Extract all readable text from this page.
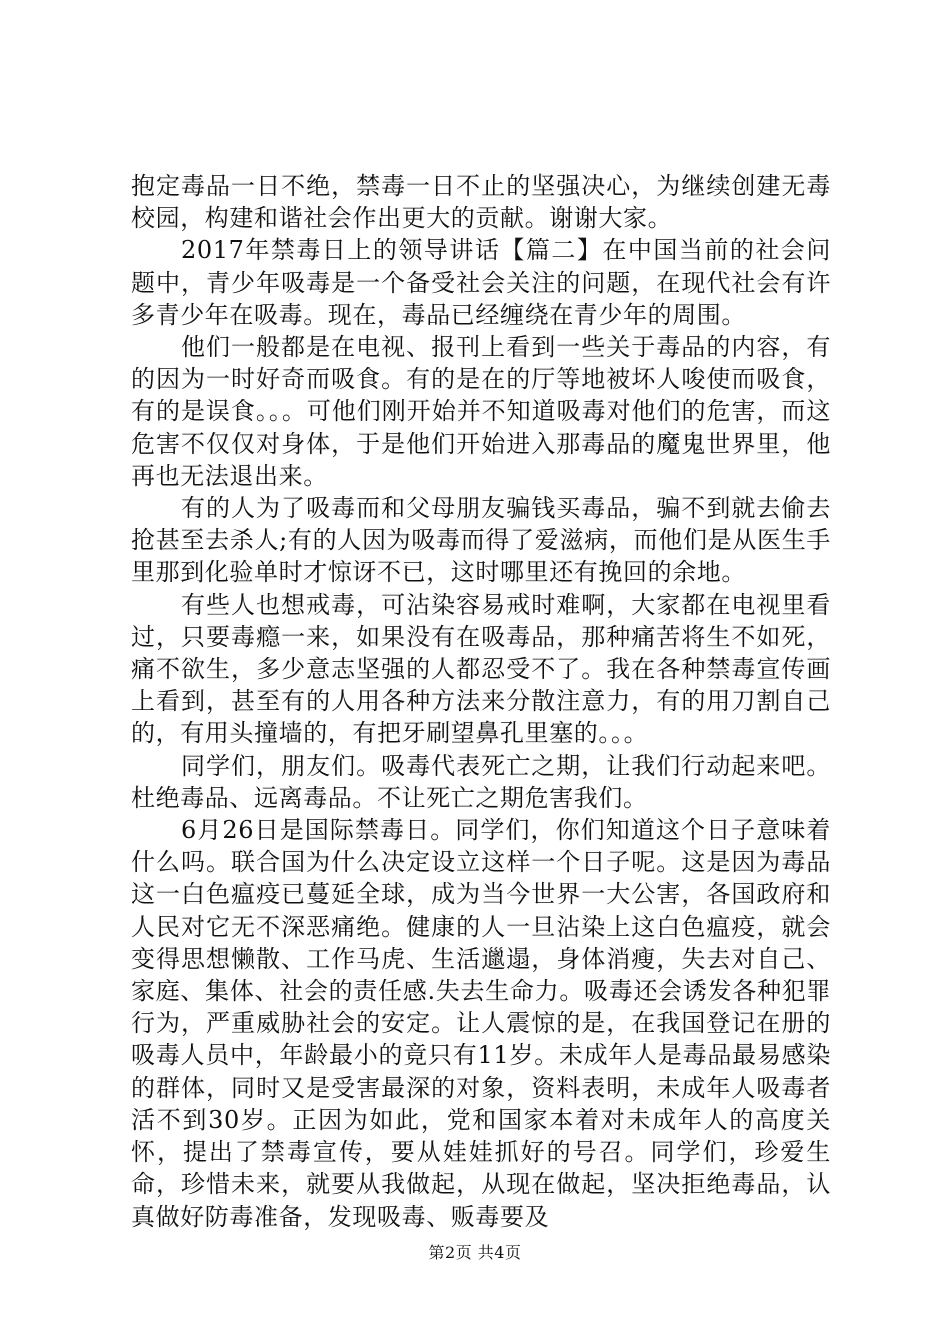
抱定毒品一日不绝，禁毒一日不止的坚强决心，为继续创建无毒校园，构建和谐社会作出更大的贡献。谢谢大家。

2017年禁毒日上的领导讲话【篇二】在中国当前的社会问题中，青少年吸毒是一个备受社会关注的问题，在现代社会有许多青少年在吸毒。现在，毒品已经缠绕在青少年的周围。

他们一般都是在电视、报刊上看到一些关于毒品的内容，有的因为一时好奇而吸食。有的是在的厅等地被坏人唆使而吸食，有的是误食。。。可他们刚开始并不知道吸毒对他们的危害，而这危害不仅仅对身体，于是他们开始进入那毒品的魔鬼世界里，他再也无法退出来。

有的人为了吸毒而和父母朋友骗钱买毒品，骗不到就去偷去抢甚至去杀人;有的人因为吸毒而得了爱滋病，而他们是从医生手里那到化验单时才惊讶不已，这时哪里还有挽回的余地。

有些人也想戒毒，可沾染容易戒时难啊，大家都在电视里看过，只要毒瘾一来，如果没有在吸毒品，那种痛苦将生不如死，痛不欲生，多少意志坚强的人都忍受不了。我在各种禁毒宣传画上看到，甚至有的人用各种方法来分散注意力，有的用刀割自己的，有用头撞墙的，有把牙刷望鼻孔里塞的。。。

同学们，朋友们。吸毒代表死亡之期，让我们行动起来吧。杜绝毒品、远离毒品。不让死亡之期危害我们。

6月26日是国际禁毒日。同学们，你们知道这个日子意味着什么吗。联合国为什么决定设立这样一个日子呢。这是因为毒品这一白色瘟疫已蔓延全球，成为当今世界一大公害，各国政府和人民对它无不深恶痛绝。健康的人一旦沾染上这白色瘟疫，就会变得思想懒散、工作马虎、生活邋遢，身体消瘦，失去对自己、家庭、集体、社会的责任感.失去生命力。吸毒还会诱发各种犯罪行为，严重威胁社会的安定。让人震惊的是，在我国登记在册的吸毒人员中，年龄最小的竟只有11岁。未成年人是毒品最易感染的群体，同时又是受害最深的对象，资料表明，未成年人吸毒者活不到30岁。正因为如此，党和国家本着对未成年人的高度关怀，提出了禁毒宣传，要从娃娃抓好的号召。同学们，珍爱生命，珍惜未来，就要从我做起，从现在做起，坚决拒绝毒品，认真做好防毒准备，发现吸毒、贩毒要及

第2页 共4页
